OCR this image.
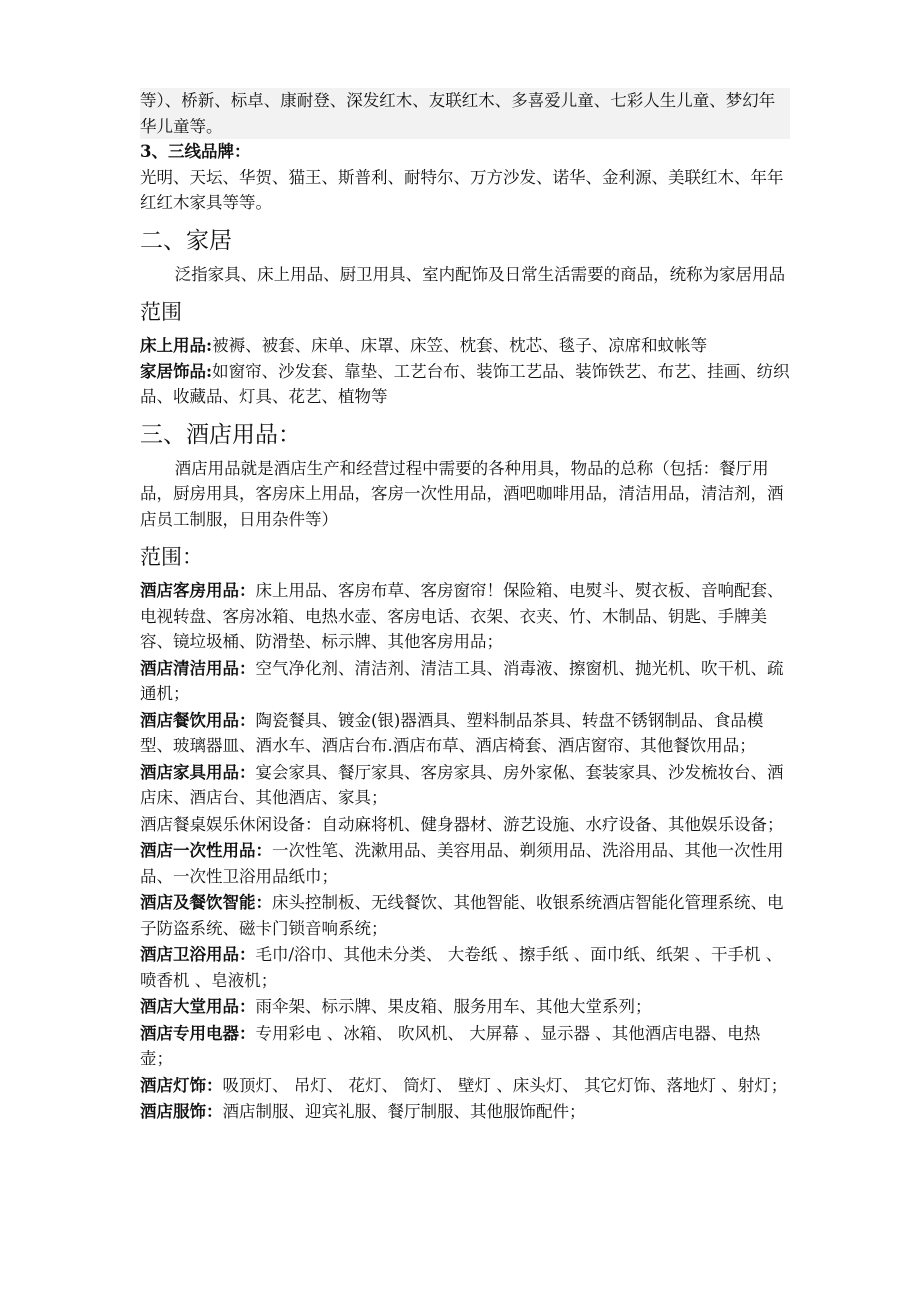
等）、桥新、标卓、康耐登、深发红木、友联红木、多喜爱儿童、七彩人生儿童、梦幻年华儿童等。

3、三线品牌：

光明、天坛、华贺、猫王、斯普利、耐特尔、万方沙发、诺华、金利源、美联红木、年年红红木家具等等。

二、家居

泛指家具、床上用品、厨卫用具、室内配饰及日常生活需要的商品，统称为家居用品

范围

床上用品:被褥、被套、床单、床罩、床笠、枕套、枕芯、毯子、凉席和蚊帐等

家居饰品:如窗帘、沙发套、靠垫、工艺台布、装饰工艺品、装饰铁艺、布艺、挂画、纺织品、收藏品、灯具、花艺、植物等

三、酒店用品：

酒店用品就是酒店生产和经营过程中需要的各种用具，物品的总称（包括：餐厅用品，厨房用具，客房床上用品，客房一次性用品，酒吧咖啡用品，清洁用品，清洁剂，酒店员工制服，日用杂件等）

范围：

酒店客房用品：床上用品、客房布草、客房窗帘！保险箱、电熨斗、熨衣板、音响配套、电视转盘、客房冰箱、电热水壶、客房电话、衣架、衣夹、竹、木制品、钥匙、手牌美容、镜垃圾桶、防滑垫、标示牌、其他客房用品；

酒店清洁用品：空气净化剂、清洁剂、清洁工具、消毒液、擦窗机、抛光机、吹干机、疏通机；

酒店餐饮用品：陶瓷餐具、镀金(银)器酒具、塑料制品茶具、转盘不锈钢制品、食品模型、玻璃器皿、酒水车、酒店台布.酒店布草、酒店椅套、酒店窗帘、其他餐饮用品；

酒店家具用品：宴会家具、餐厅家具、客房家具、房外家俬、套装家具、沙发梳妆台、酒店床、酒店台、其他酒店、家具；

酒店餐桌娱乐休闲设备：自动麻将机、健身器材、游艺设施、水疗设备、其他娱乐设备；

酒店一次性用品：一次性笔、洗漱用品、美容用品、剃须用品、洗浴用品、其他一次性用品、一次性卫浴用品纸巾；

酒店及餐饮智能：床头控制板、无线餐饮、其他智能、收银系统酒店智能化管理系统、电子防盗系统、磁卡门锁音响系统；

酒店卫浴用品：毛巾/浴巾、其他未分类、 大卷纸 、擦手纸 、面巾纸、纸架 、干手机 、喷香机 、皂液机；

酒店大堂用品：雨伞架、标示牌、果皮箱、服务用车、其他大堂系列；

酒店专用电器：专用彩电 、冰箱、 吹风机、 大屏幕 、显示器 、其他酒店电器、电热壶；

酒店灯饰：吸顶灯、 吊灯、 花灯、 筒灯、 壁灯 、床头灯、 其它灯饰、落地灯 、射灯；

酒店服饰：酒店制服、迎宾礼服、餐厅制服、其他服饰配件；
